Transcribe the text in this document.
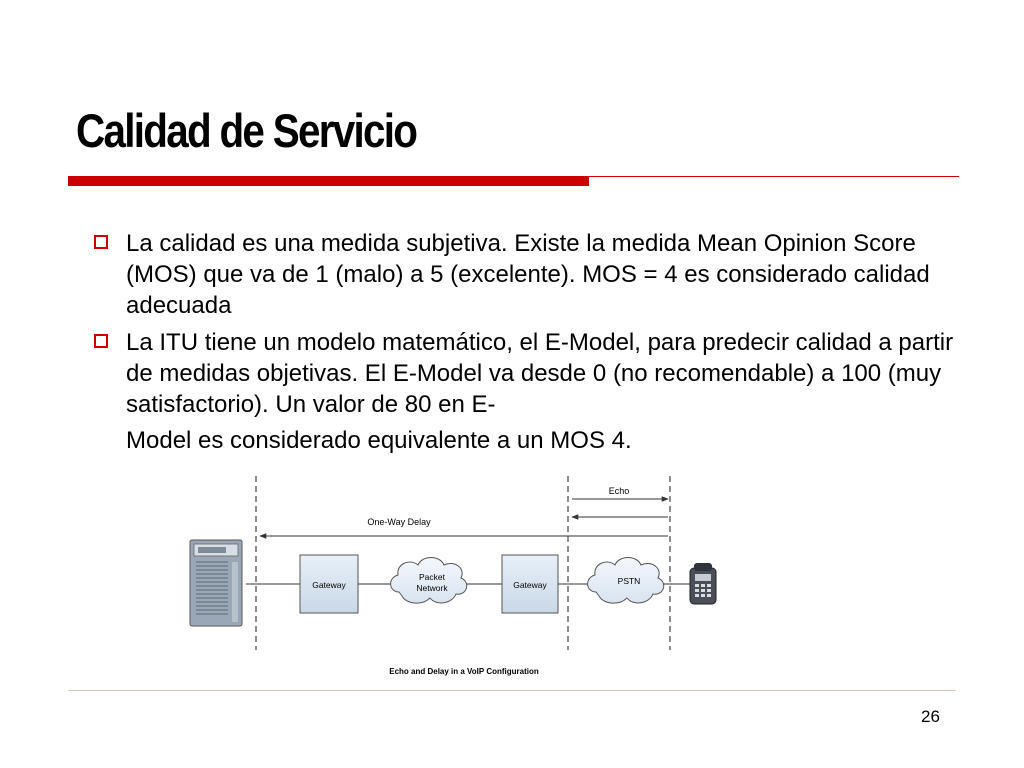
Calidad de Servicio
La calidad es una medida subjetiva. Existe la medida Mean Opinion Score (MOS) que va de 1 (malo) a 5 (excelente). MOS = 4 es considerado calidad adecuada
La ITU tiene un modelo matemático, el E-Model, para predecir calidad a partir de medidas objetivas. El E-Model va desde 0 (no recomendable) a 100 (muy satisfactorio). Un valor de 80 en E-
Model es considerado equivalente a un MOS 4.
Echo
One-Way Delay
Gateway
Packet
Network	Gateway	PSTN
Echo and Delay in a VoIP Configuration
26
